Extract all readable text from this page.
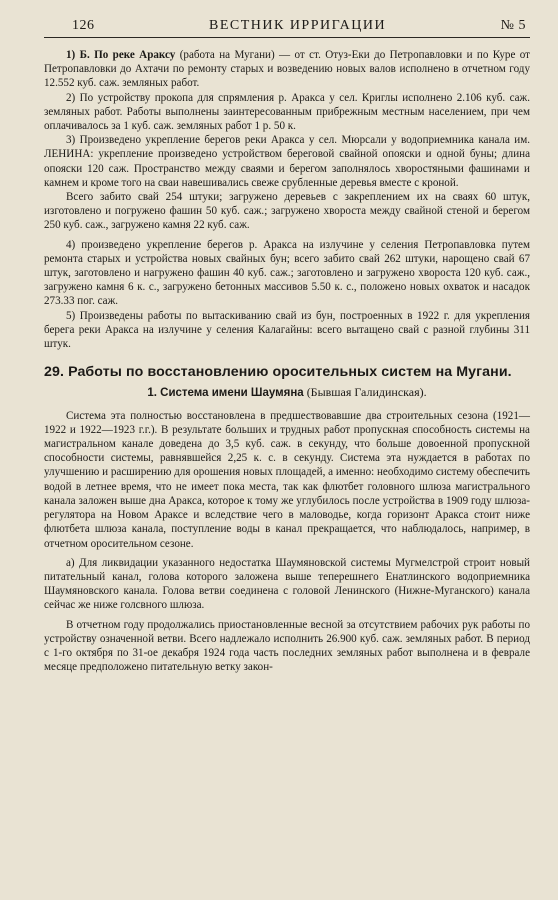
126	ВЕСТНИК ИРРИГАЦИИ	№ 5

1) Б. По реке Араксу (работа на Мугани) — от ст. Отуз-Еки до Петропавловки и по Куре от Петропавловки до Ахтачи по ремонту старых и возведению новых валов исполнено в отчетном году 12.552 куб. саж. земляных работ.

2) По устройству прокопа для спрямления р. Аракса у сел. Криглы исполнено 2.106 куб. саж. земляных работ. Работы выполнены заинтересованным прибрежным местным населением, при чем оплачивалось за 1 куб. саж. земляных работ 1 р. 50 к.

3) Произведено укрепление берегов реки Аракса у сел. Мюрсали у водоприемника канала им. ЛЕНИНА: укрепление произведено устройством береговой свайной опояски и одной буны; длина опояски 120 саж. Пространство между сваями и берегом заполнялось хворостяными фашинами и камнем и кроме того на сваи навешивались свеже срубленные деревья вместе с кроной.

Всего забито свай 254 штуки; загружено деревьев с закреплением их на сваях 60 штук, изготовлено и погружено фашин 50 куб. саж.; загружено хвороста между свайной стеной и берегом 250 куб. саж., загружено камня 22 куб. саж.

4) произведено укрепление берегов р. Аракса на излучине у селения Петропавловка путем ремонта старых и устройства новых свайных бун; всего забито свай 262 штуки, нарощено свай 67 штук, заготовлено и нагружено фашин 40 куб. саж.; заготовлено и загружено хвороста 120 куб. саж., загружено камня 6 к. с., загружено бетонных массивов 5.50 к. с., положено новых охваток и насадок 273.33 пог. саж.

5) Произведены работы по вытаскиванию свай из бун, построенных в 1922 г. для укрепления берега реки Аракса на излучине у селения Калагайны: всего вытащено свай с разной глубины 311 штук.

29. Работы по восстановлению оросительных систем на Мугани.
1. Система имени Шаумяна (Бывшая Галидинская).

Система эта полностью восстановлена в предшествовавшие два строительных сезона (1921—1922 и 1922—1923 г.г.). В результате больших и трудных работ пропускная способность системы на магистральном канале доведена до 3,5 куб. саж. в секунду, что больше довоенной пропускной способности системы, равнявшейся 2,25 к. с. в секунду. Система эта нуждается в работах по улучшению и расширению для орошения новых площадей, а именно: необходимо систему обеспечить водой в летнее время, что не имеет пока места, так как флютбет головного шлюза магистрального канала заложен выше дна Аракса, которое к тому же углубилось после устройства в 1909 году шлюза-регулятора на Новом Араксе и вследствие чего в маловодье, когда горизонт Аракса стоит ниже флютбета шлюза канала, поступление воды в канал прекращается, что наблюдалось, например, в отчетном оросительном сезоне.

а) Для ликвидации указанного недостатка Шаумяновской системы Мугмелстрой строит новый питательный канал, голова которого заложена выше теперешнего Енатлинского водоприемника Шаумяновского канала. Голова ветви соединена с головой Ленинского (Нижне-Муганского) канала сейчас же ниже голсвного шлюза.

В отчетном году продолжались приостановленные весной за отсутствием рабочих рук работы по устройству означенной ветви. Всего надлежало исполнить 26.900 куб. саж. земляных работ. В период с 1-го октября по 31-ое декабря 1924 года часть последних земляных работ выполнена и в феврале месяце предположено питательную ветку закон-
